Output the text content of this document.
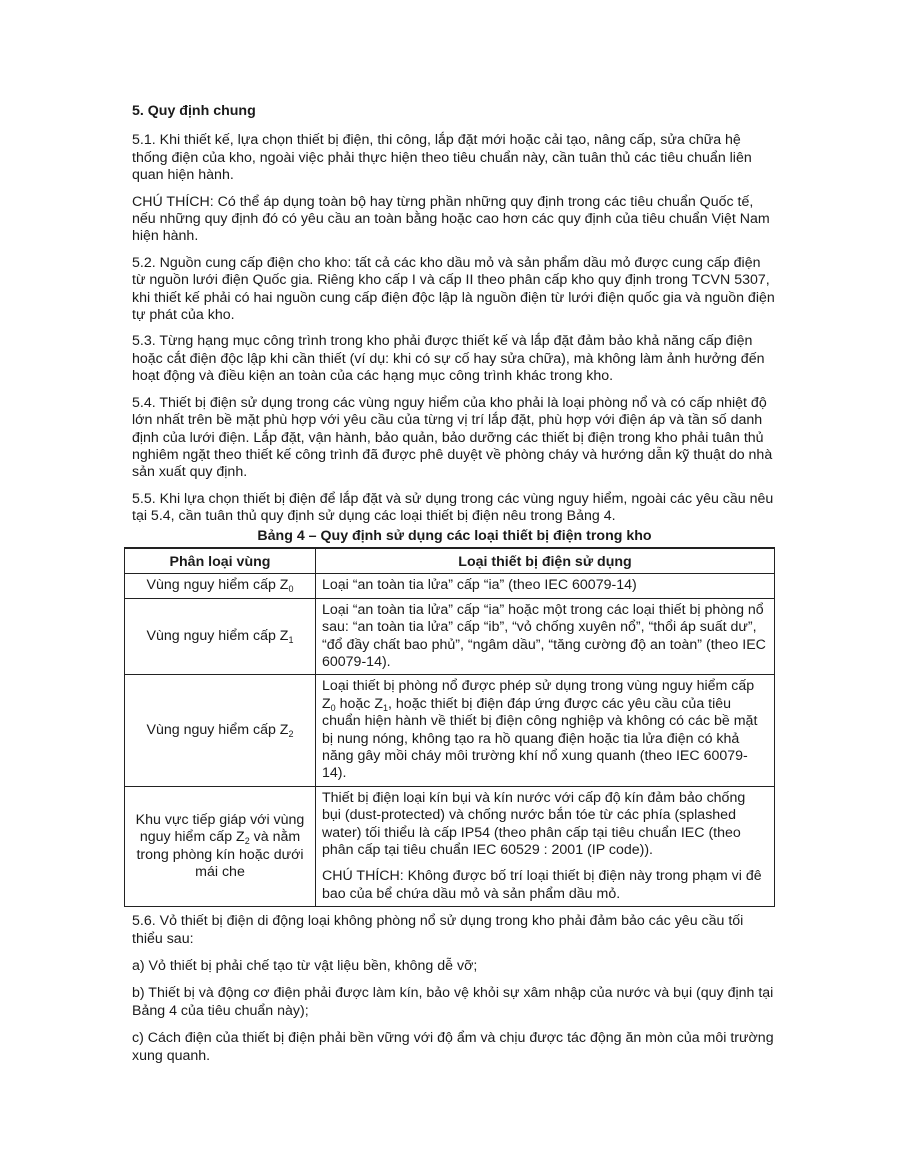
5. Quy định chung

5.1. Khi thiết kế, lựa chọn thiết bị điện, thi công, lắp đặt mới hoặc cải tạo, nâng cấp, sửa chữa hệ thống điện của kho, ngoài việc phải thực hiện theo tiêu chuẩn này, cần tuân thủ các tiêu chuẩn liên quan hiện hành.

CHÚ THÍCH: Có thể áp dụng toàn bộ hay từng phần những quy định trong các tiêu chuẩn Quốc tế, nếu những quy định đó có yêu cầu an toàn bằng hoặc cao hơn các quy định của tiêu chuẩn Việt Nam hiện hành.

5.2. Nguồn cung cấp điện cho kho: tất cả các kho dầu mỏ và sản phẩm dầu mỏ được cung cấp điện từ nguồn lưới điện Quốc gia. Riêng kho cấp I và cấp II theo phân cấp kho quy định trong TCVN 5307, khi thiết kế phải có hai nguồn cung cấp điện độc lập là nguồn điện từ lưới điện quốc gia và nguồn điện tự phát của kho.

5.3. Từng hạng mục công trình trong kho phải được thiết kế và lắp đặt đảm bảo khả năng cấp điện hoặc cắt điện độc lập khi cần thiết (ví dụ: khi có sự cố hay sửa chữa), mà không làm ảnh hưởng đến hoạt động và điều kiện an toàn của các hạng mục công trình khác trong kho.

5.4. Thiết bị điện sử dụng trong các vùng nguy hiểm của kho phải là loại phòng nổ và có cấp nhiệt độ lớn nhất trên bề mặt phù hợp với yêu cầu của từng vị trí lắp đặt, phù hợp với điện áp và tần số danh định của lưới điện. Lắp đặt, vận hành, bảo quản, bảo dưỡng các thiết bị điện trong kho phải tuân thủ nghiêm ngặt theo thiết kế công trình đã được phê duyệt về phòng cháy và hướng dẫn kỹ thuật do nhà sản xuất quy định.

5.5. Khi lựa chọn thiết bị điện để lắp đặt và sử dụng trong các vùng nguy hiểm, ngoài các yêu cầu nêu tại 5.4, cần tuân thủ quy định sử dụng các loại thiết bị điện nêu trong Bảng 4.

Bảng 4 – Quy định sử dụng các loại thiết bị điện trong kho
Phân loại vùng	Loại thiết bị điện sử dụng
Vùng nguy hiểm cấp $Z_0$	Loại “an toàn tia lửa” cấp “ia” (theo IEC 60079-14)

Vùng nguy hiểm cấp $Z_1$	Loại “an toàn tia lửa” cấp “ia” hoặc một trong các loại thiết bị phòng nổ sau: “an toàn tia lửa” cấp “ib”, “vỏ chống xuyên nổ”, “thổi áp suất dư”, “đổ đầy chất bao phủ”, “ngâm dầu”, “tăng cường độ an toàn” (theo IEC 60079-14).

Vùng nguy hiểm cấp $Z_2$	Loại thiết bị phòng nổ được phép sử dụng trong vùng nguy hiểm cấp $Z_0$ hoặc $Z_1$, hoặc thiết bị điện đáp ứng được các yêu cầu của tiêu chuẩn hiện hành về thiết bị điện công nghiệp và không có các bề mặt bị nung nóng, không tạo ra hồ quang điện hoặc tia lửa điện có khả năng gây mồi cháy môi trường khí nổ xung quanh (theo IEC 60079-14).

Khu vực tiếp giáp với vùng nguy hiểm cấp $Z_2$ và nằm trong phòng kín hoặc dưới mái che	Thiết bị điện loại kín bụi và kín nước với cấp độ kín đảm bảo chống bụi (dust-protected) và chống nước bắn tóe từ các phía (splashed water) tối thiểu là cấp IP54 (theo phân cấp tại tiêu chuẩn IEC (theo phân cấp tại tiêu chuẩn IEC 60529 : 2001 (IP code)).

CHÚ THÍCH: Không được bố trí loại thiết bị điện này trong phạm vi đê bao của bể chứa dầu mỏ và sản phẩm dầu mỏ.

5.6. Vỏ thiết bị điện di động loại không phòng nổ sử dụng trong kho phải đảm bảo các yêu cầu tối thiểu sau:

a) Vỏ thiết bị phải chế tạo từ vật liệu bền, không dễ vỡ;

b) Thiết bị và động cơ điện phải được làm kín, bảo vệ khỏi sự xâm nhập của nước và bụi (quy định tại Bảng 4 của tiêu chuẩn này);

c) Cách điện của thiết bị điện phải bền vững với độ ẩm và chịu được tác động ăn mòn của môi trường xung quanh.
